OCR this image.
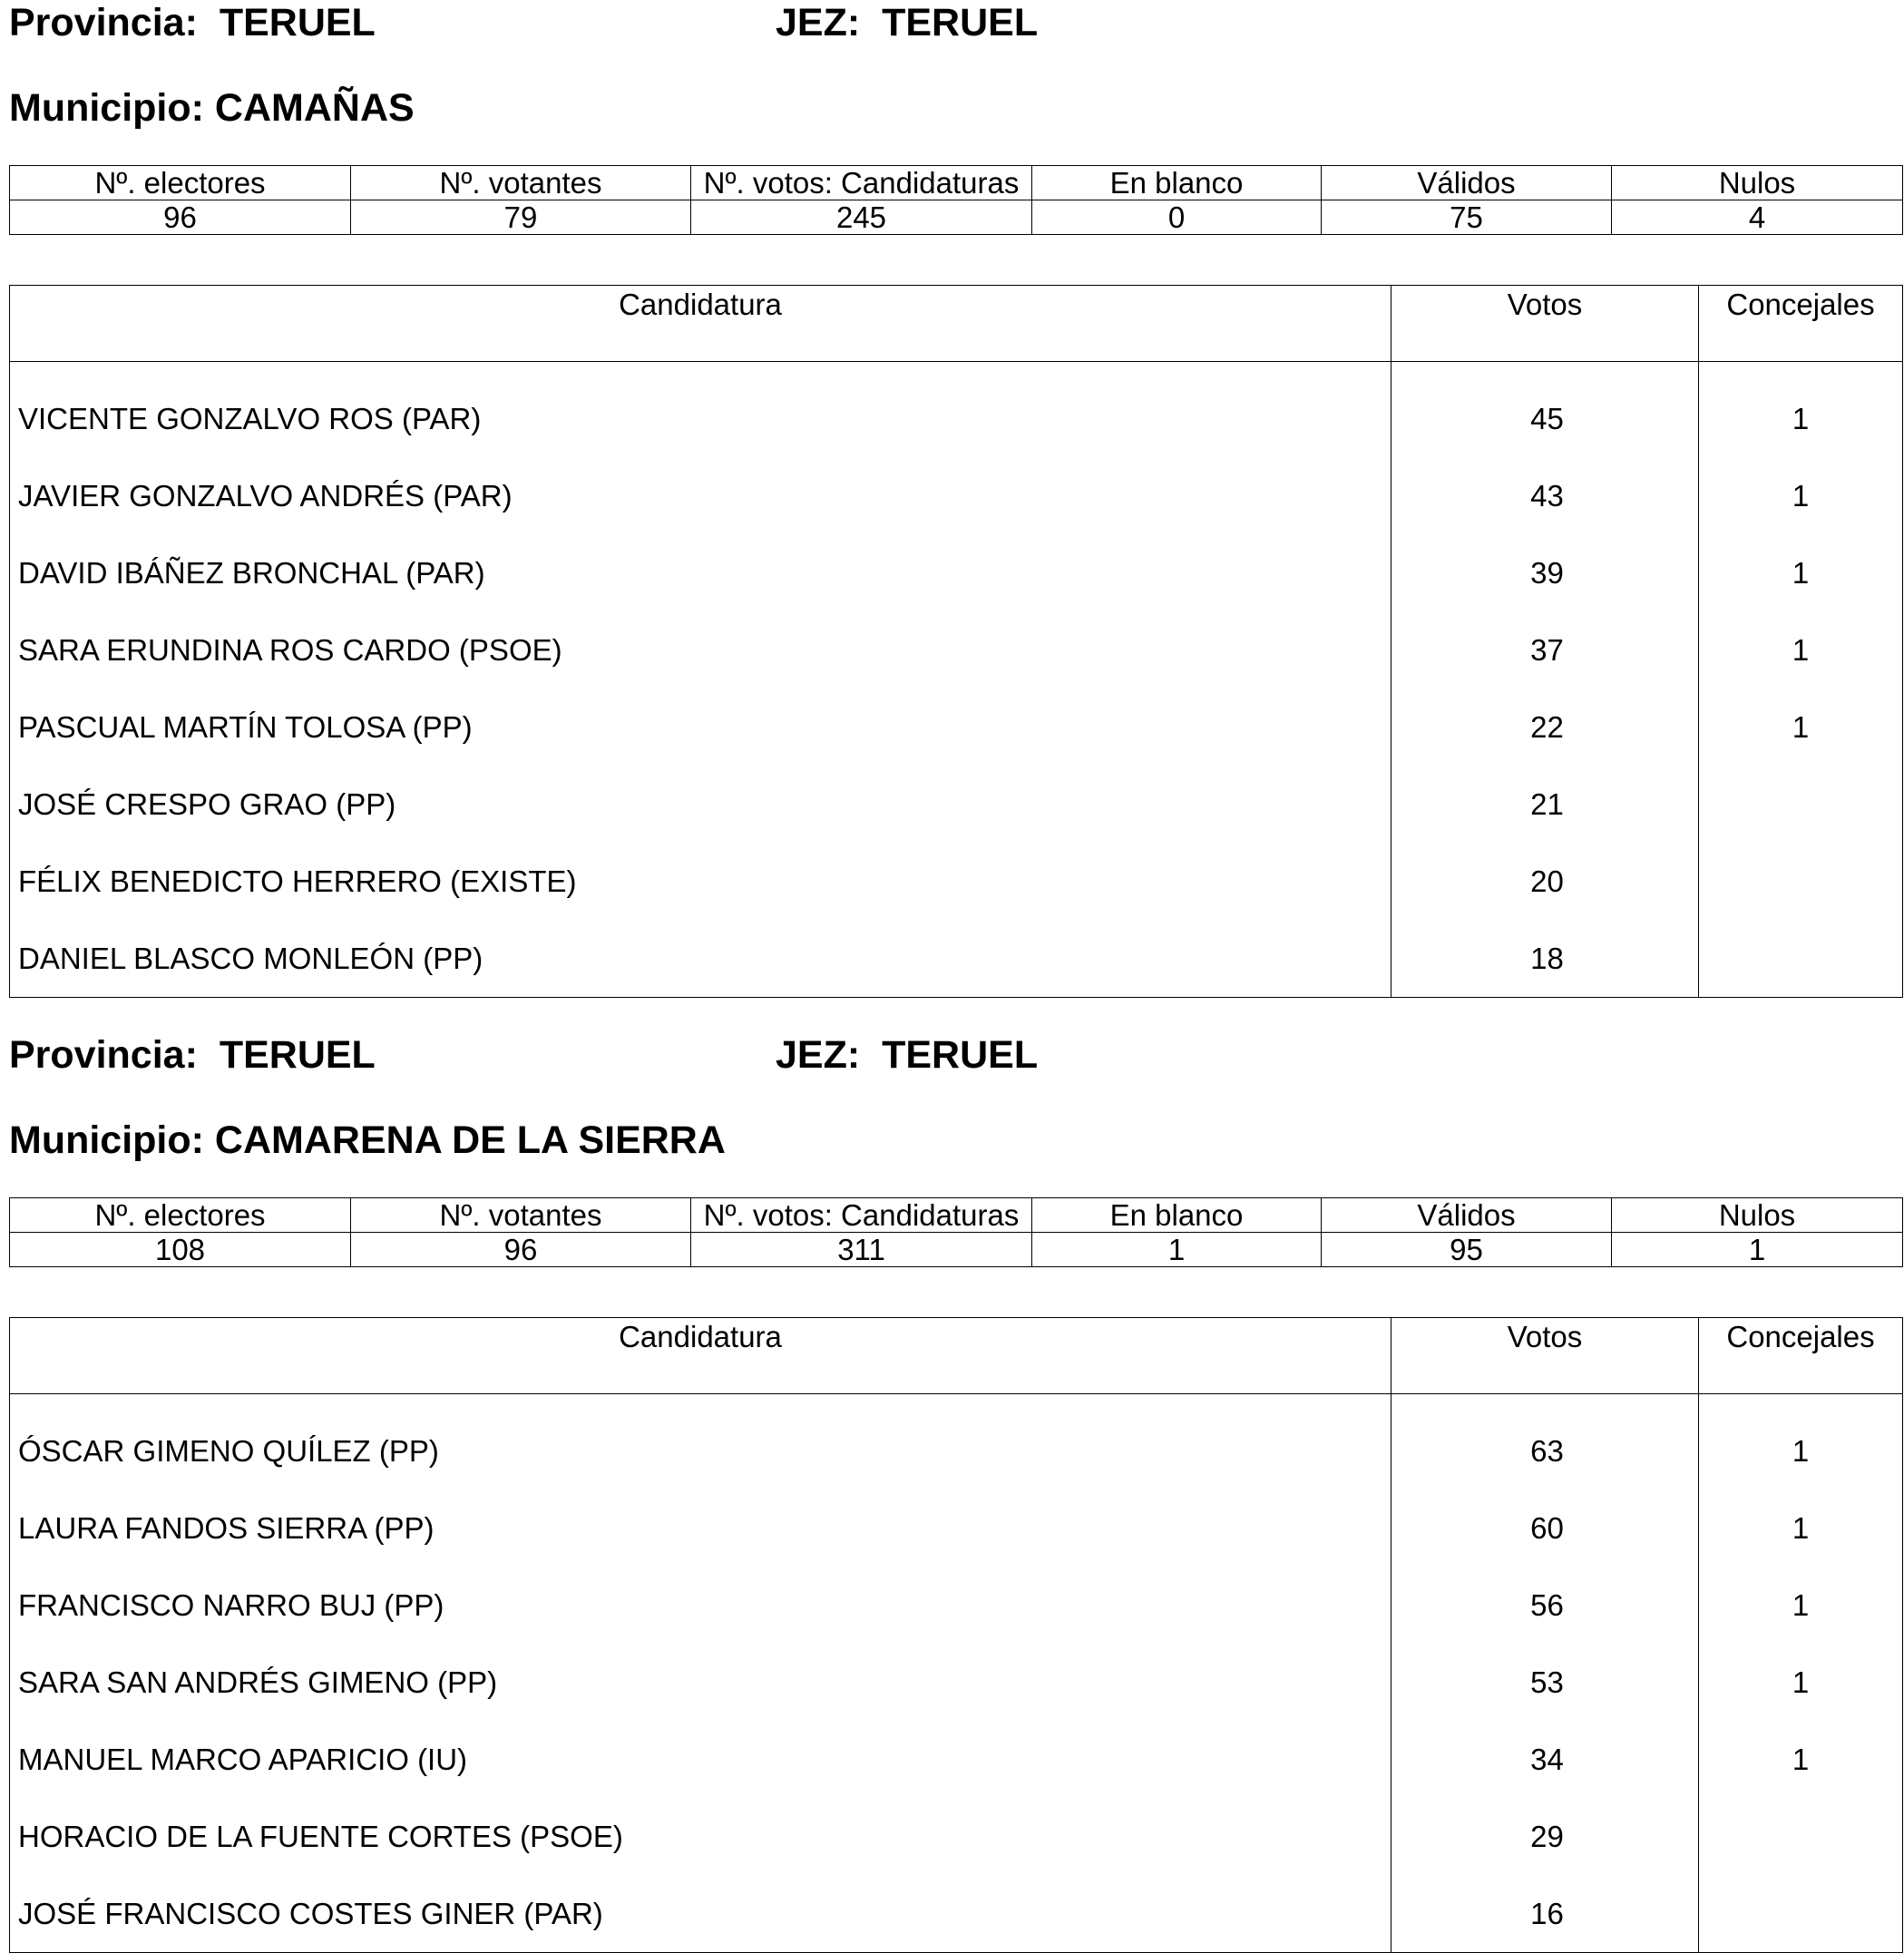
Provincia: TERUEL	JEZ: TERUEL
Municipio: CAMAÑAS
Nº. electores	Nº. votantes	Nº. votos: Candidaturas	En blanco	Válidos	Nulos
96	79	245	0	75	4
Candidatura	Votos	Concejales

VICENTE GONZALVO ROS (PAR)	45	1
JAVIER GONZALVO ANDRÉS (PAR)	43	1
DAVID IBÁÑEZ BRONCHAL (PAR)	39	1
SARA ERUNDINA ROS CARDO (PSOE)	37	1
PASCUAL MARTÍN TOLOSA (PP)	22	1
JOSÉ CRESPO GRAO (PP)	21	
FÉLIX BENEDICTO HERRERO (EXISTE)	20	
DANIEL BLASCO MONLEÓN (PP)	18	
Provincia: TERUEL	JEZ: TERUEL
Municipio: CAMARENA DE LA SIERRA
Nº. electores	Nº. votantes	Nº. votos: Candidaturas	En blanco	Válidos	Nulos
108	96	311	1	95	1
Candidatura	Votos	Concejales

ÓSCAR GIMENO QUÍLEZ (PP)	63	1
LAURA FANDOS SIERRA (PP)	60	1
FRANCISCO NARRO BUJ (PP)	56	1
SARA SAN ANDRÉS GIMENO (PP)	53	1
MANUEL MARCO APARICIO (IU)	34	1
HORACIO DE LA FUENTE CORTES (PSOE)	29	
JOSÉ FRANCISCO COSTES GINER (PAR)	16	
